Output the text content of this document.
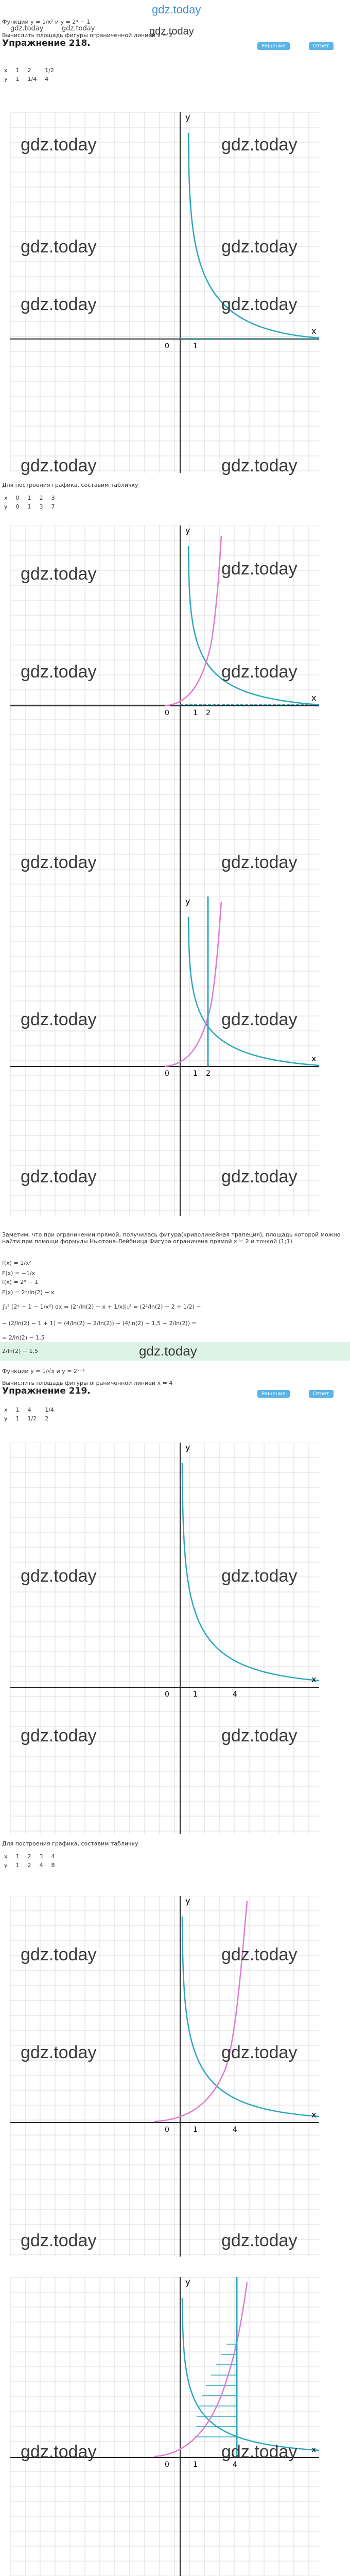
gdz.today
Функции y = 1/x² и y = 2ˣ − 1
gdz.today	gdz.today
Вычислить площадь фигуры ограниченной линией x = 2
gdz.today
Упражнение 218.	Решение	Ответ
x	1	2	1/2
y	1	1/4	4
0	1
x
y
gdz.today	gdz.today
gdz.today	gdz.today
gdz.today	gdz.today
gdz.today	gdz.today
Для построения графика, составим табличку
x	0	1	2	3
y	0	1	3	7
0	1 2
x
y
gdz.today	gdz.today
gdz.today	gdz.today
gdz.today	gdz.today
0	1 2
x
y
gdz.today	gdz.today
gdz.today	gdz.today
Заметим, что при ограничении прямой, получилась фигура(криволинейная трапеция), площадь которой можно найти при помощи формулы Ньютона-Лейбница Фигура ограничена прямой x = 2 и точкой (1;1)
f(x) = 1/x²
F(x) = −1/x
f(x) = 2ˣ − 1
F(x) = 2ˣ/ln(2) − x
∫₁² (2ˣ − 1 − 1/x²) dx = (2ˣ/ln(2) − x + 1/x)|₁² = (2²/ln(2) − 2 + 1/2) −
− (2/ln(2) − 1 + 1) = (4/ln(2) − 2/ln(2)) − (4/ln(2) − 1,5 − 2/ln(2)) =
= 2/ln(2) − 1,5
2/ln(2) − 1,5	gdz.today
Функции y = 1/√x и y = 2ˣ⁻¹
Вычислить площадь фигуры ограниченной линией x = 4
Упражнение 219.	Решение	Ответ
x	1	4	1/4
y	1	1/2	2
0	1	4
x
y
gdz.today	gdz.today
gdz.today	gdz.today
Для построения графика, составим табличку
x	1	2	3	4
y	1	2	4	8
0	1	4
x
y
gdz.today	gdz.today
gdz.today	gdz.today
gdz.today	gdz.today
0	1	4
x
y
gdz.today	gdz.today
